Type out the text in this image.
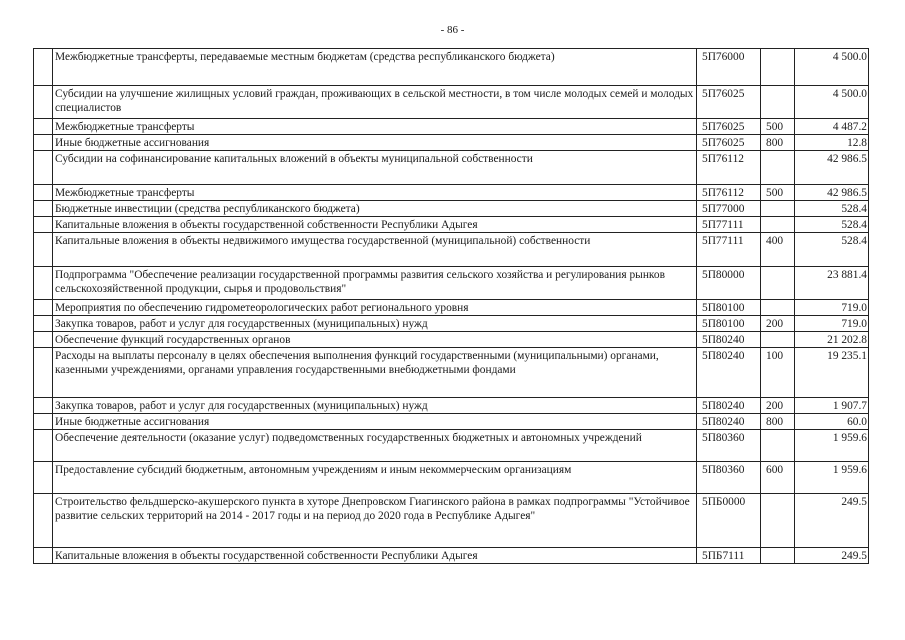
- 86 -
	Межбюджетные трансферты, передаваемые местным бюджетам (средства республиканского бюджета)	5П76000		4 500.0
	Субсидии на улучшение жилищных условий граждан, проживающих в сельской местности, в том числе молодых семей и молодых специалистов	5П76025		4 500.0
	Межбюджетные трансферты	5П76025	500	4 487.2
	Иные бюджетные ассигнования	5П76025	800	12.8
	Субсидии на софинансирование капитальных вложений в объекты муниципальной собственности	5П76112		42 986.5
	Межбюджетные трансферты	5П76112	500	42 986.5
	Бюджетные инвестиции (средства республиканского бюджета)	5П77000		528.4
	Капитальные вложения в объекты государственной собственности Республики Адыгея	5П77111		528.4
	Капитальные вложения в объекты недвижимого имущества государственной (муниципальной) собственности	5П77111	400	528.4
	Подпрограмма "Обеспечение реализации государственной программы развития сельского хозяйства и регулирования рынков сельскохозяйственной продукции, сырья и продовольствия"	5П80000		23 881.4
	Мероприятия по обеспечению гидрометеорологических работ регионального уровня	5П80100		719.0
	Закупка товаров, работ и услуг для государственных (муниципальных) нужд	5П80100	200	719.0
	Обеспечение функций государственных органов	5П80240		21 202.8
	Расходы на выплаты персоналу в целях обеспечения выполнения функций государственными (муниципальными) органами, казенными учреждениями, органами управления государственными внебюджетными фондами	5П80240	100	19 235.1
	Закупка товаров, работ и услуг для государственных (муниципальных) нужд	5П80240	200	1 907.7
	Иные бюджетные ассигнования	5П80240	800	60.0
	Обеспечение деятельности (оказание услуг) подведомственных государственных бюджетных и автономных учреждений	5П80360		1 959.6
	Предоставление субсидий бюджетным, автономным учреждениям и иным некоммерческим организациям	5П80360	600	1 959.6
	Строительство фельдшерско-акушерского пункта в хуторе Днепровском Гиагинского района в рамках подпрограммы "Устойчивое развитие сельских территорий на 2014 - 2017 годы и на период до 2020 года в Республике Адыгея"	5ПБ0000		249.5
	Капитальные вложения в объекты государственной собственности Республики Адыгея	5ПБ7111		249.5
